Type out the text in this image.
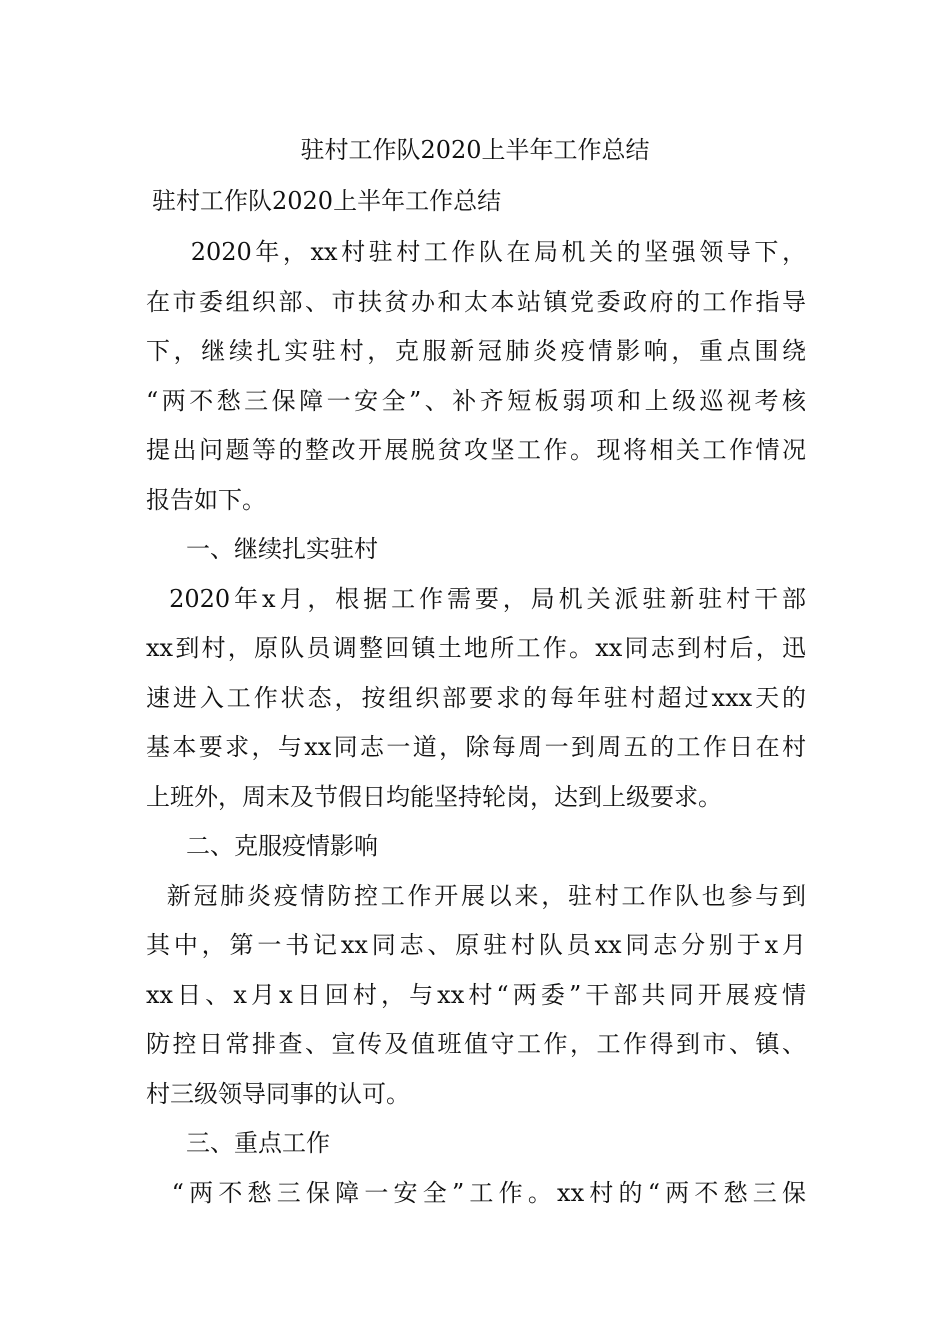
驻村工作队2020上半年工作总结
驻村工作队2020上半年工作总结
2020年，xx村驻村工作队在局机关的坚强领导下，
在市委组织部、市扶贫办和太本站镇党委政府的工作指导
下，继续扎实驻村，克服新冠肺炎疫情影响，重点围绕
“两不愁三保障一安全”、补齐短板弱项和上级巡视考核
提出问题等的整改开展脱贫攻坚工作。现将相关工作情况
报告如下。
一、继续扎实驻村
2020年x月，根据工作需要，局机关派驻新驻村干部
xx到村，原队员调整回镇土地所工作。xx同志到村后，迅
速进入工作状态，按组织部要求的每年驻村超过xxx天的
基本要求，与xx同志一道，除每周一到周五的工作日在村
上班外，周末及节假日均能坚持轮岗，达到上级要求。
二、克服疫情影响
新冠肺炎疫情防控工作开展以来，驻村工作队也参与到
其中，第一书记xx同志、原驻村队员xx同志分别于x月
xx日、x月x日回村，与xx村“两委”干部共同开展疫情
防控日常排查、宣传及值班值守工作，工作得到市、镇、
村三级领导同事的认可。
三、重点工作
“两不愁三保障一安全”工作。xx村的“两不愁三保
